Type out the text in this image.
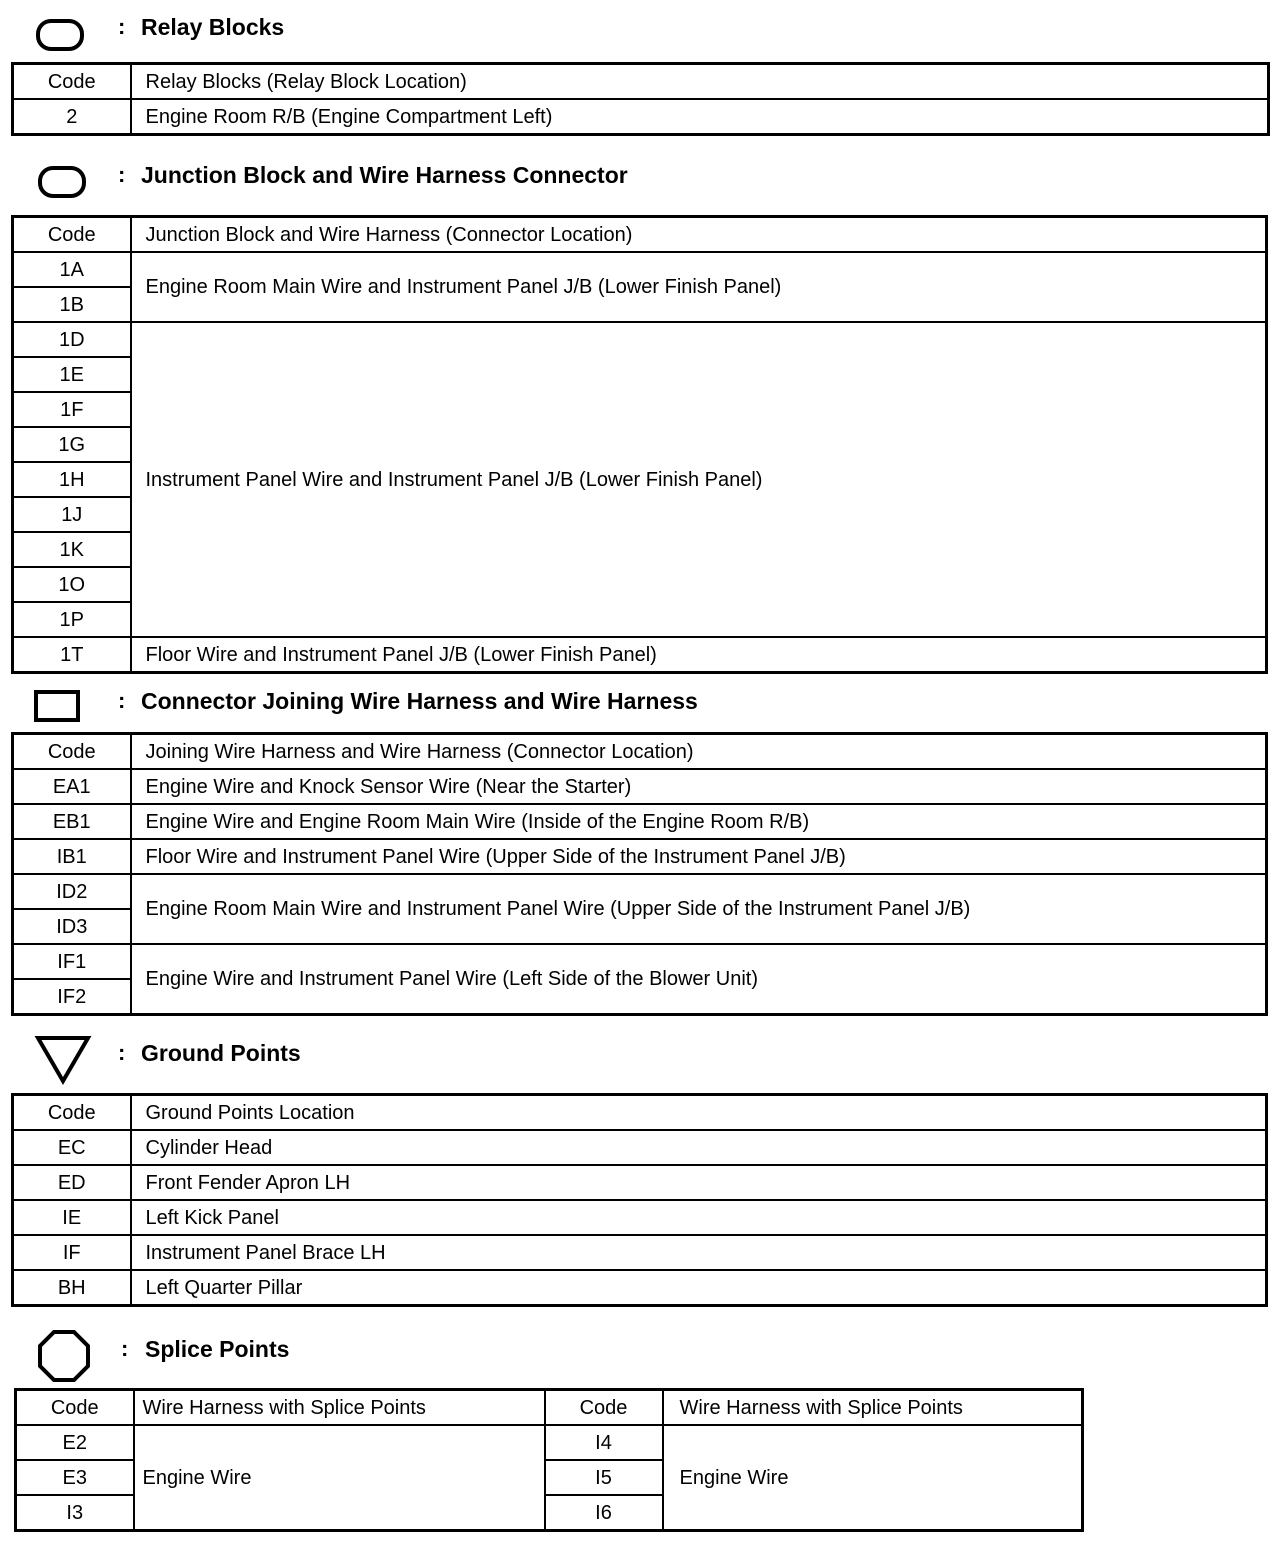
: Relay Blocks
Code	Relay Blocks (Relay Block Location)
2	Engine Room R/B (Engine Compartment Left)
: Junction Block and Wire Harness Connector
Code	Junction Block and Wire Harness (Connector Location)
1A	Engine Room Main Wire and Instrument Panel J/B (Lower Finish Panel)
1B	
1D	Instrument Panel Wire and Instrument Panel J/B (Lower Finish Panel)
1E	
1F	
1G	
1H	
1J	
1K	
1O	
1P	
1T	Floor Wire and Instrument Panel J/B (Lower Finish Panel)
: Connector Joining Wire Harness and Wire Harness
Code	Joining Wire Harness and Wire Harness (Connector Location)
EA1	Engine Wire and Knock Sensor Wire (Near the Starter)
EB1	Engine Wire and Engine Room Main Wire (Inside of the Engine Room R/B)
IB1	Floor Wire and Instrument Panel Wire (Upper Side of the Instrument Panel J/B)
ID2	Engine Room Main Wire and Instrument Panel Wire (Upper Side of the Instrument Panel J/B)
ID3	
IF1	Engine Wire and Instrument Panel Wire (Left Side of the Blower Unit)
IF2	
: Ground Points
Code	Ground Points Location
EC	Cylinder Head
ED	Front Fender Apron LH
IE	Left Kick Panel
IF	Instrument Panel Brace LH
BH	Left Quarter Pillar
: Splice Points
Code	Wire Harness with Splice Points	Code	Wire Harness with Splice Points
E2	Engine Wire	I4	Engine Wire
E3		I5	
I3		I6	
